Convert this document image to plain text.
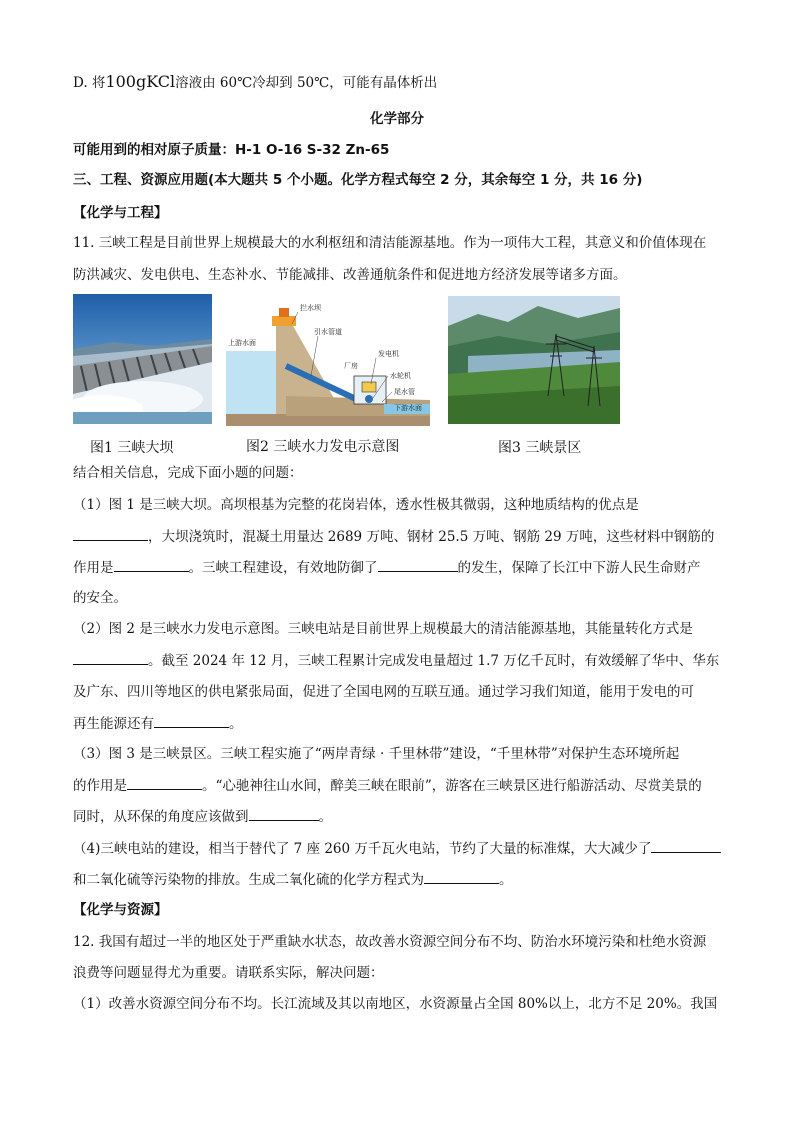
D. 将100gKCl溶液由 60℃冷却到 50℃，可能有晶体析出
化学部分
可能用到的相对原子质量：H-1 O-16 S-32 Zn-65
三、工程、资源应用题(本大题共 5 个小题。化学方程式每空 2 分，其余每空 1 分，共 16 分)
【化学与工程】
11. 三峡工程是目前世界上规模最大的水利枢纽和清洁能源基地。作为一项伟大工程，其意义和价值体现在
防洪减灾、发电供电、生态补水、节能减排、改善通航条件和促进地方经济发展等诸多方面。
上游水面
拦水坝
引水管道
厂房
发电机
水轮机
尾水管
下游水面
图1 三峡大坝	图2 三峡水力发电示意图	图3 三峡景区
结合相关信息，完成下面小题的问题：
（1）图 1 是三峡大坝。高坝根基为完整的花岗岩体，透水性极其微弱，这种地质结构的优点是
，大坝浇筑时，混凝土用量达 2689 万吨、钢材 25.5 万吨、钢筋 29 万吨，这些材料中钢筋的
作用是	。三峡工程建设，有效地防御了	的发生，保障了长江中下游人民生命财产
的安全。
（2）图 2 是三峡水力发电示意图。三峡电站是目前世界上规模最大的清洁能源基地，其能量转化方式是
。截至 2024 年 12 月，三峡工程累计完成发电量超过 1.7 万亿千瓦时，有效缓解了华中、华东
及广东、四川等地区的供电紧张局面，促进了全国电网的互联互通。通过学习我们知道，能用于发电的可
再生能源还有	。
（3）图 3 是三峡景区。三峡工程实施了“两岸青绿 · 千里林带”建设，“千里林带”对保护生态环境所起
的作用是	。“心驰神往山水间，醉美三峡在眼前”，游客在三峡景区进行船游活动、尽赏美景的
同时，从环保的角度应该做到	。
（4)三峡电站的建设，相当于替代了 7 座 260 万千瓦火电站，节约了大量的标准煤，大大减少了
和二氧化硫等污染物的排放。生成二氧化硫的化学方程式为	。
【化学与资源】
12. 我国有超过一半的地区处于严重缺水状态，故改善水资源空间分布不均、防治水环境污染和杜绝水资源
浪费等问题显得尤为重要。请联系实际，解决问题：
（1）改善水资源空间分布不均。长江流域及其以南地区，水资源量占全国 80%以上，北方不足 20%。我国
